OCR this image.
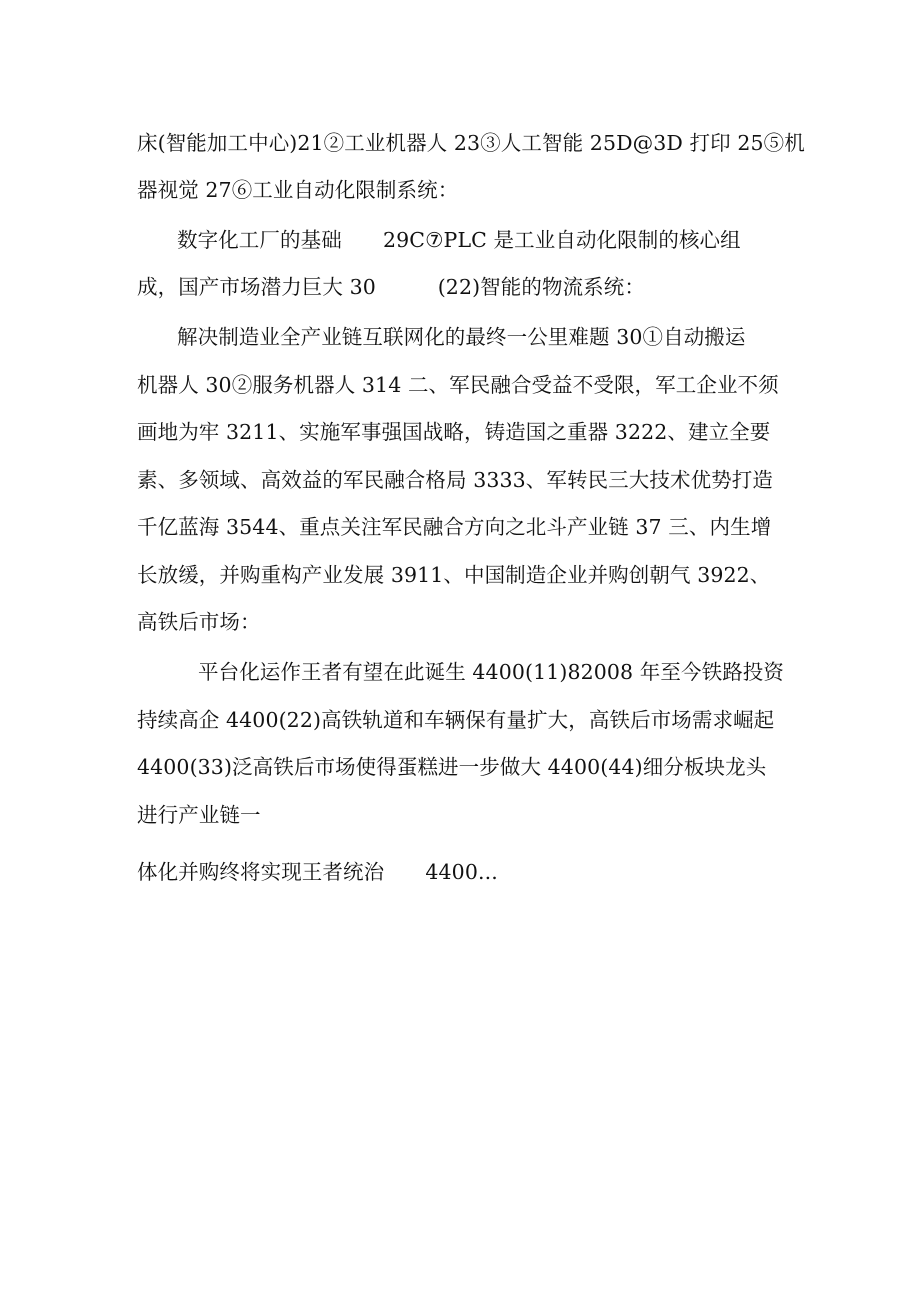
床(智能加工中心)21②工业机器人 23③人工智能 25D@3D 打印 25⑤机
器视觉 27⑥工业自动化限制系统：
数字化工厂的基础　　29C⑦PLC 是工业自动化限制的核心组
成，国产市场潜力巨大 30　　　(22)智能的物流系统：
解决制造业全产业链互联网化的最终一公里难题 30①自动搬运
机器人 30②服务机器人 314 二、军民融合受益不受限，军工企业不须
画地为牢 3211、实施军事强国战略，铸造国之重器 3222、建立全要
素、多领域、高效益的军民融合格局 3333、军转民三大技术优势打造
千亿蓝海 3544、重点关注军民融合方向之北斗产业链 37 三、内生增
长放缓，并购重构产业发展 3911、中国制造企业并购创朝气 3922、
高铁后市场：
平台化运作王者有望在此诞生 4400(11)82008 年至今铁路投资
持续高企 4400(22)高铁轨道和车辆保有量扩大，高铁后市场需求崛起
4400(33)泛高铁后市场使得蛋糕进一步做大 4400(44)细分板块龙头
进行产业链一
体化并购终将实现王者统治　　4400...
